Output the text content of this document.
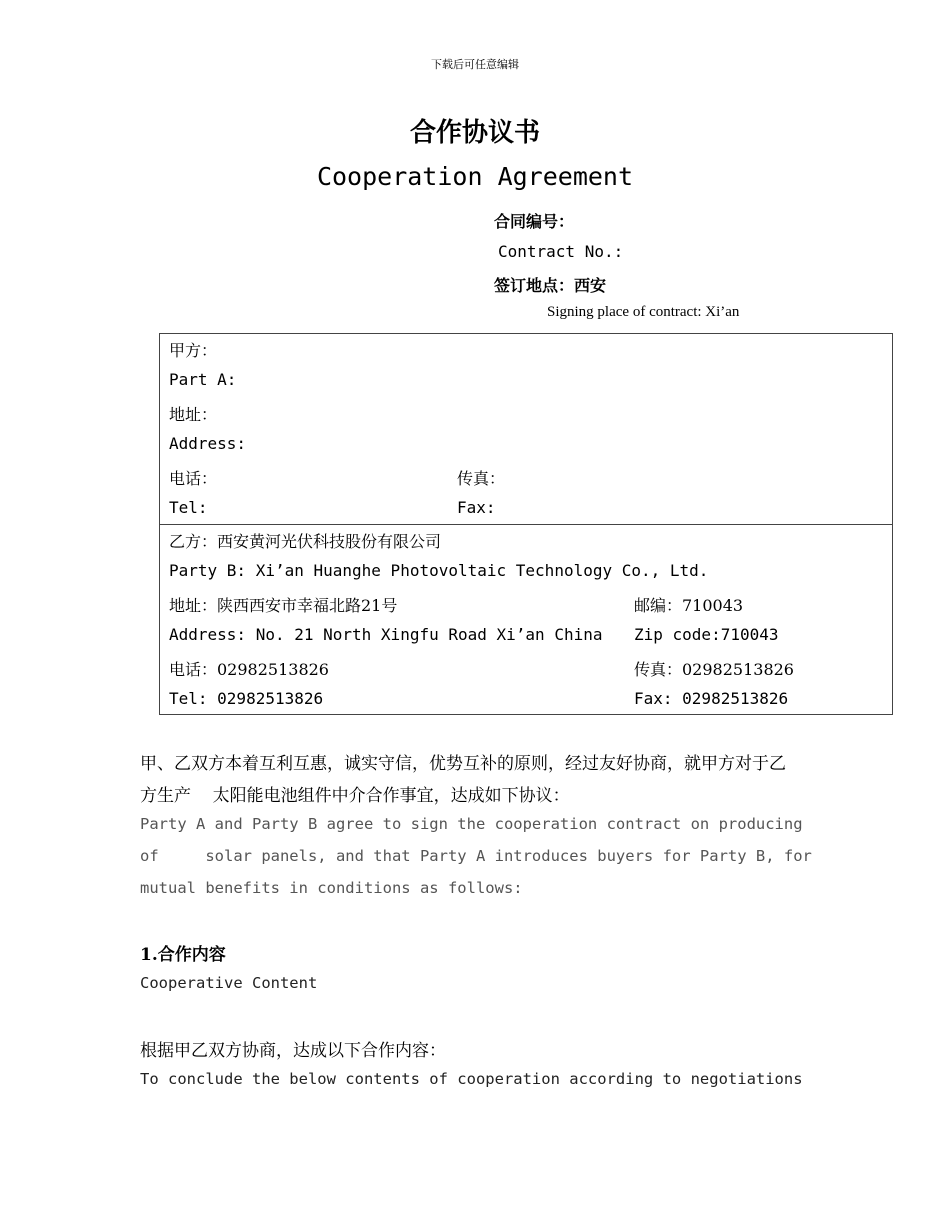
下载后可任意编辑
合作协议书
Cooperation Agreement
合同编号：
Contract No.:
签订地点：西安
Signing place of contract: Xi’an
甲方：
Part A:
地址：
Address:
电话：	传真：
Tel:	Fax:
乙方：西安黄河光伏科技股份有限公司
Party B: Xi’an Huanghe Photovoltaic Technology Co., Ltd.
地址：陕西西安市幸福北路21号	邮编：710043
Address: No. 21 North Xingfu Road Xi’an China Zip code:710043
电话：02982513826	传真：02982513826
Tel: 02982513826	Fax: 02982513826
甲、乙双方本着互利互惠，诚实守信，优势互补的原则，经过友好协商，就甲方对于乙
方生产    太阳能电池组件中介合作事宜，达成如下协议：
Party A and Party B agree to sign the cooperation contract on producing
of     solar panels, and that Party A introduces buyers for Party B, for
mutual benefits in conditions as follows:
1.合作内容
Cooperative Content
根据甲乙双方协商，达成以下合作内容：
To conclude the below contents of cooperation according to negotiations
